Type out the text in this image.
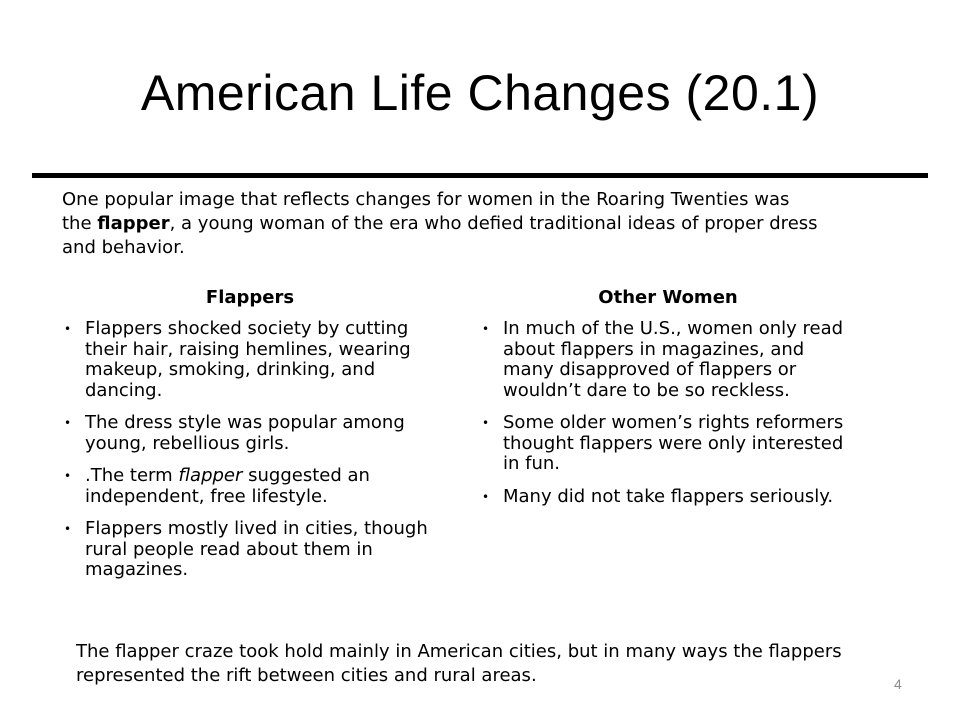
American Life Changes (20.1)
One popular image that reflects changes for women in the Roaring Twenties was the flapper, a young woman of the era who defied traditional ideas of proper dress and behavior.
Flappers
• Flappers shocked society by cutting their hair, raising hemlines, wearing makeup, smoking, drinking, and dancing.
• The dress style was popular among young, rebellious girls.
• .The term flapper suggested an independent, free lifestyle.
• Flappers mostly lived in cities, though rural people read about them in magazines.
Other Women
• In much of the U.S., women only read about flappers in magazines, and many disapproved of flappers or wouldn’t dare to be so reckless.
• Some older women’s rights reformers thought flappers were only interested in fun.
• Many did not take flappers seriously.
The flapper craze took hold mainly in American cities, but in many ways the flappers represented the rift between cities and rural areas.	4
